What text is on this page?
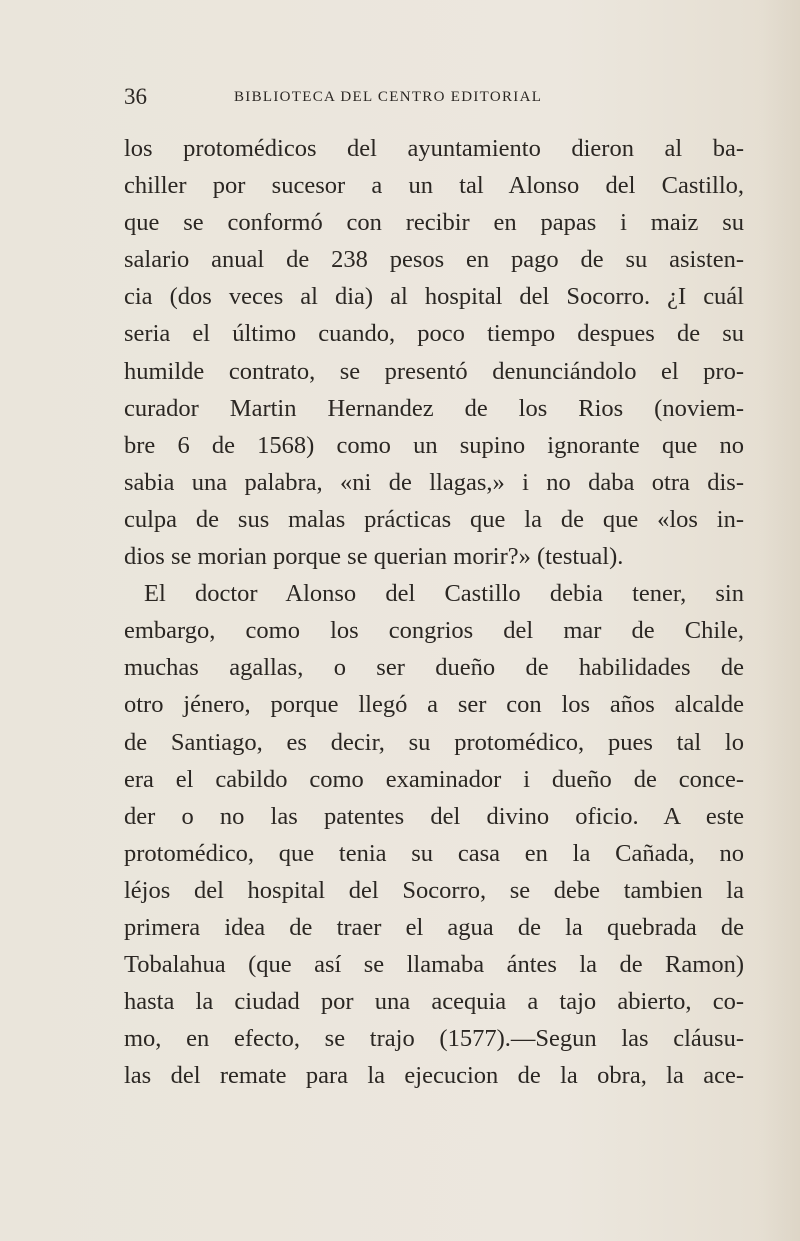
36	BIBLIOTECA DEL CENTRO EDITORIAL
los protomédicos del ayuntamiento dieron al ba-
chiller por sucesor a un tal Alonso del Castillo,
que se conformó con recibir en papas i maiz su
salario anual de 238 pesos en pago de su asisten-
cia (dos veces al dia) al hospital del Socorro. ¿I cuál
seria el último cuando, poco tiempo despues de su
humilde contrato, se presentó denunciándolo el pro-
curador Martin Hernandez de los Rios (noviem-
bre 6 de 1568) como un supino ignorante que no
sabia una palabra, «ni de llagas,» i no daba otra dis-
culpa de sus malas prácticas que la de que «los in-
dios se morian porque se querian morir?» (testual).
El doctor Alonso del Castillo debia tener, sin
embargo, como los congrios del mar de Chile,
muchas agallas, o ser dueño de habilidades de
otro jénero, porque llegó a ser con los años alcalde
de Santiago, es decir, su protomédico, pues tal lo
era el cabildo como examinador i dueño de conce-
der o no las patentes del divino oficio. A este
protomédico, que tenia su casa en la Cañada, no
léjos del hospital del Socorro, se debe tambien la
primera idea de traer el agua de la quebrada de
Tobalahua (que así se llamaba ántes la de Ramon)
hasta la ciudad por una acequia a tajo abierto, co-
mo, en efecto, se trajo (1577).—Segun las cláusu-
las del remate para la ejecucion de la obra, la ace-
